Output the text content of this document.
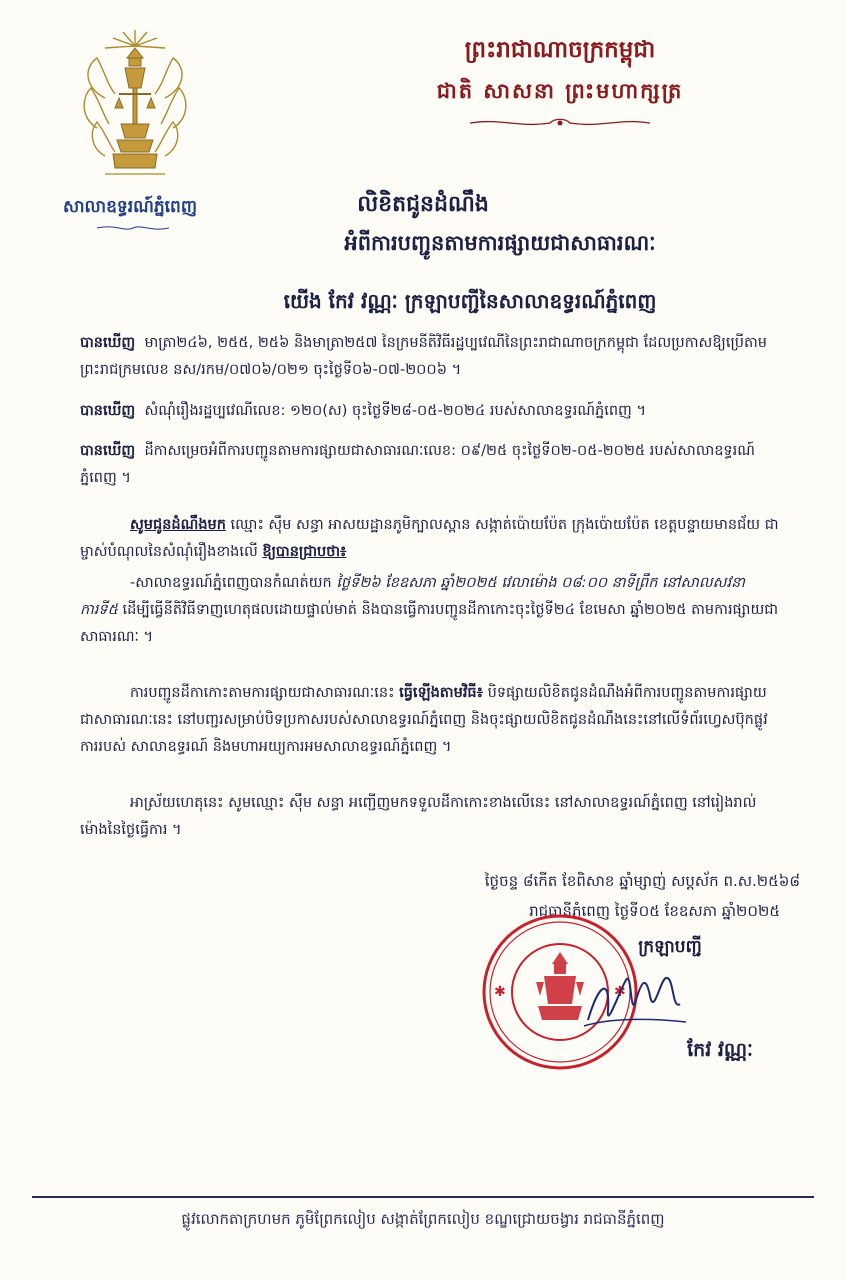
ព្រះរាជាណាចក្រកម្ពុជា
ជាតិ សាសនា ព្រះមហាក្សត្រ
សាលាឧទ្ធរណ៍ភ្នំពេញ	លិខិតជូនដំណឹង
អំពីការបញ្ជូនតាមការផ្សាយជាសាធារណៈ
យើង កែវ វណ្ណៈ ក្រឡាបញ្ជីនៃសាលាឧទ្ធរណ៍ភ្នំពេញ
បានឃើញ មាត្រា២៤៦, ២៥៥, ២៥៦ និងមាត្រា២៥៧ នៃក្រមនីតិវិធីរដ្ឋប្បវេណីនៃព្រះរាជាណាចក្រកម្ពុជា ដែលប្រកាសឱ្យប្រើតាមព្រះរាជក្រមលេខ នស/រកម/០៧០៦/០២១ ចុះថ្ងៃទី០៦-០៧-២០០៦ ។
បានឃើញ សំណុំរឿងរដ្ឋប្បវេណីលេខ: ១២០(ស) ចុះថ្ងៃទី២៨-០៥-២០២៤ របស់សាលាឧទ្ធរណ៍ភ្នំពេញ ។
បានឃើញ ដីកាសម្រេចអំពីការបញ្ជូនតាមការផ្សាយជាសាធារណៈលេខ: ០៩/២៥ ចុះថ្ងៃទី០២-០៥-២០២៥ របស់សាលាឧទ្ធរណ៍ភ្នំពេញ ។
សូមជូនដំណឹងមក ឈ្មោះ ស៊ឹម សន្ធា អាសយដ្ឋានភូមិក្បាលស្ពាន សង្កាត់ប៉ោយប៉ែត ក្រុងប៉ោយប៉ែត ខេត្តបន្ទាយមានជ័យ ជាម្ចាស់បំណុលនៃសំណុំរឿងខាងលើ ឱ្យបានជ្រាបថា៖
-សាលាឧទ្ធរណ៍ភ្នំពេញបានកំណត់យក ថ្ងៃទី២៦ ខែឧសភា ឆ្នាំ២០២៥ វេលាម៉ោង ០៨:០០ នាទីព្រឹក នៅសាលសវនាការទី៥ ដើម្បីធ្វើនីតិវិធីទាញហេតុផលដោយផ្ទាល់មាត់ និងបានធ្វើការបញ្ជូនដីកាកោះចុះថ្ងៃទី២៤ ខែមេសា ឆ្នាំ២០២៥ តាមការផ្សាយជាសាធារណៈ ។
ការបញ្ជូនដីកាកោះតាមការផ្សាយជាសាធារណៈនេះ ធ្វើឡើងតាមវិធី៖ បិទផ្សាយលិខិតជូនដំណឹងអំពីការបញ្ជូនតាមការផ្សាយជាសាធារណៈនេះ នៅបញ្ជរសម្រាប់បិទប្រកាសរបស់សាលាឧទ្ធរណ៍ភ្នំពេញ និងចុះផ្សាយលិខិតជូនដំណឹងនេះនៅលើទំព័រហ្វេសប៊ុកផ្លូវការរបស់ សាលាឧទ្ធរណ៍ និងមហាអយ្យការអមសាលាឧទ្ធរណ៍ភ្នំពេញ ។
អាស្រ័យហេតុនេះ សូមឈ្មោះ ស៊ឹម សន្ធា អញ្ជើញមកទទួលដីកាកោះខាងលើនេះ នៅសាលាឧទ្ធរណ៍ភ្នំពេញ នៅរៀងរាល់ម៉ោងនៃថ្ងៃធ្វើការ ។
ថ្ងៃចន្ទ ៨កើត ខែពិសាខ ឆ្នាំម្សាញ់ សប្តស័ក ព.ស.២៥៦៨
រាជធានីភ្នំពេញ ថ្ងៃទី០៥ ខែឧសភា ឆ្នាំ២០២៥
ក្រឡាបញ្ជី
✱	✱
កែវ វណ្ណៈ
ផ្លូវលោកតាក្រហមក ភូមិព្រែកលៀប សង្កាត់ព្រែកលៀប ខណ្ឌជ្រោយចង្វារ រាជធានីភ្នំពេញ
